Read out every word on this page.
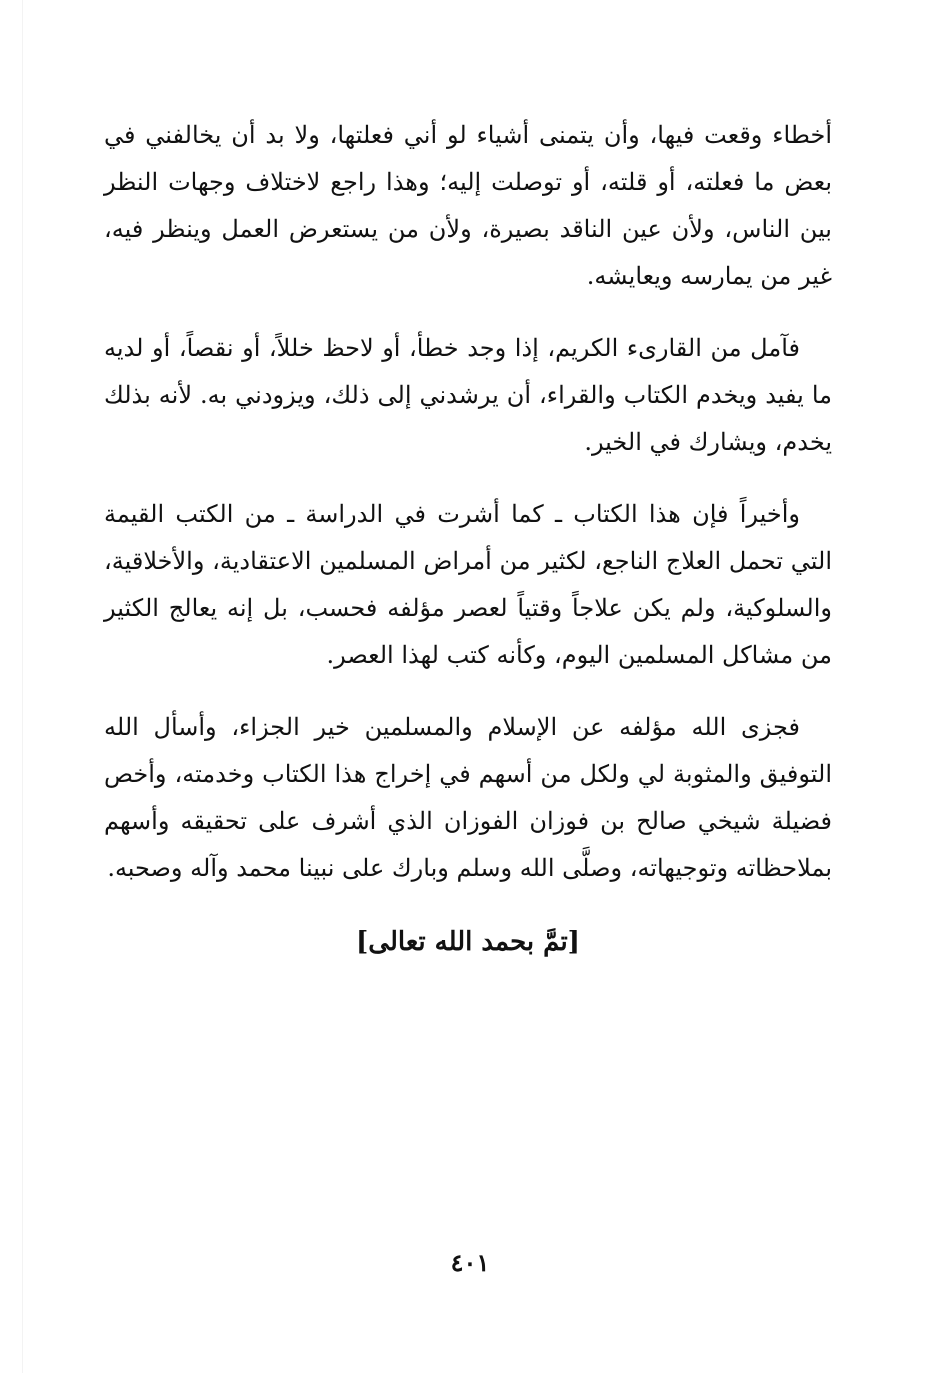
أخطاء وقعت فيها، وأن يتمنى أشياء لو أني فعلتها، ولا بد أن يخالفني في بعض ما فعلته، أو قلته، أو توصلت إليه؛ وهذا راجع لاختلاف وجهات النظر بين الناس، ولأن عين الناقد بصيرة، ولأن من يستعرض العمل وينظر فيه، غير من يمارسه ويعايشه.

فآمل من القارىء الكريم، إذا وجد خطأ، أو لاحظ خللاً، أو نقصاً، أو لديه ما يفيد ويخدم الكتاب والقراء، أن يرشدني إلى ذلك، ويزودني به. لأنه بذلك يخدم، ويشارك في الخير.

وأخيراً فإن هذا الكتاب ـ كما أشرت في الدراسة ـ من الكتب القيمة التي تحمل العلاج الناجع، لكثير من أمراض المسلمين الاعتقادية، والأخلاقية، والسلوكية، ولم يكن علاجاً وقتياً لعصر مؤلفه فحسب، بل إنه يعالج الكثير من مشاكل المسلمين اليوم، وكأنه كتب لهذا العصر.

فجزى الله مؤلفه عن الإسلام والمسلمين خير الجزاء، وأسأل الله التوفيق والمثوبة لي ولكل من أسهم في إخراج هذا الكتاب وخدمته، وأخص فضيلة شيخي صالح بن فوزان الفوزان الذي أشرف على تحقيقه وأسهم بملاحظاته وتوجيهاته، وصلَّى الله وسلم وبارك على نبينا محمد وآله وصحبه.

[تمَّ بحمد الله تعالى]
٤٠١
